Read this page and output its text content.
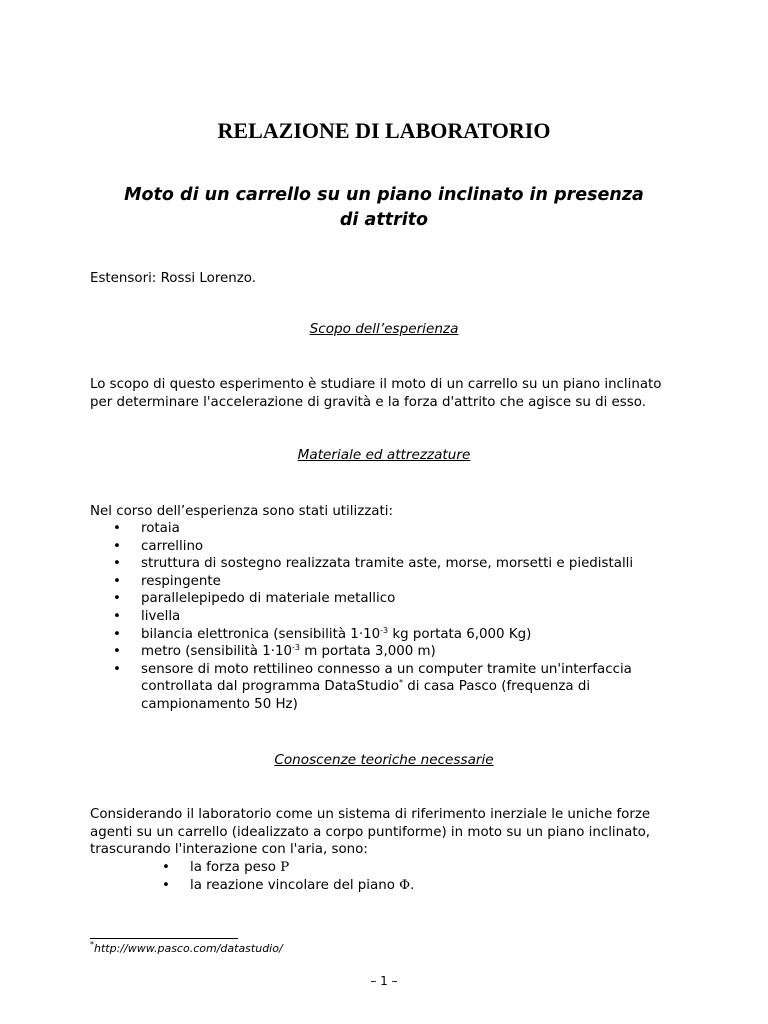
RELAZIONE DI LABORATORIO
Moto di un carrello su un piano inclinato in presenza
di attrito

Estensori: Rossi Lorenzo.

Scopo dell’esperienza

Lo scopo di questo esperimento è studiare il moto di un carrello su un piano inclinato
per determinare l'accelerazione di gravità e la forza d'attrito che agisce su di esso.

Materiale ed attrezzature

Nel corso dell’esperienza sono stati utilizzati:

• rotaia
• carrellino
• struttura di sostegno realizzata tramite aste, morse, morsetti e piedistalli
• respingente
• parallelepipedo di materiale metallico
• livella
• bilancia elettronica (sensibilità $1\cdot 10^{-3}$ kg portata 6,000 Kg)
• metro (sensibilità $1\cdot 10^{-3}$ m portata 3,000 m)
• sensore di moto rettilineo connesso a un computer tramite un'interfaccia
controllata dal programma DataStudio* di casa Pasco (frequenza di
campionamento 50 Hz)

Conoscenze teoriche necessarie

Considerando il laboratorio come un sistema di riferimento inerziale le uniche forze
agenti su un carrello (idealizzato a corpo puntiforme) in moto su un piano inclinato,
trascurando l'interazione con l'aria, sono:

• la forza peso P
• la reazione vincolare del piano Φ.
*http://www.pasco.com/datastudio/
– 1 –
